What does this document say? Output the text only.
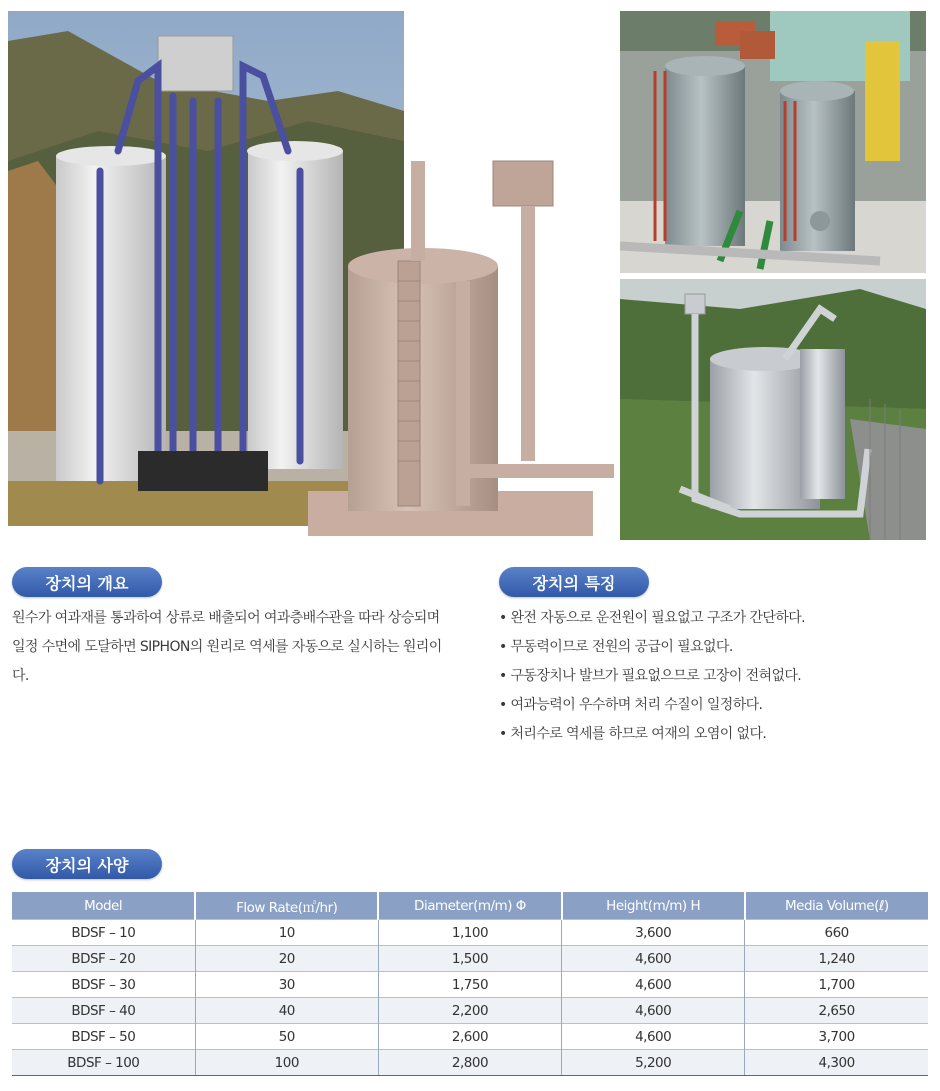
장치의 개요
원수가 여과재를 통과하여 상류로 배출되어 여과층배수관을 따라 상승되며 일정 수면에 도달하면 SIPHON의 원리로 역세를 자동으로 실시하는 원리이다.
장치의 특징
• 완전 자동으로 운전원이 필요없고 구조가 간단하다.
• 무동력이므로 전원의 공급이 필요없다.
• 구동장치나 발브가 필요없으므로 고장이 전혀없다.
• 여과능력이 우수하며 처리 수질이 일정하다.
• 처리수로 역세를 하므로 여재의 오염이 없다.
장치의 사양
Model	Flow Rate(㎥/hr)	Diameter(m/m) Φ	Height(m/m) H	Media Volume(ℓ)
BDSF – 10	10	1,100	3,600	660
BDSF – 20	20	1,500	4,600	1,240
BDSF – 30	30	1,750	4,600	1,700
BDSF – 40	40	2,200	4,600	2,650
BDSF – 50	50	2,600	4,600	3,700
BDSF – 100	100	2,800	5,200	4,300
